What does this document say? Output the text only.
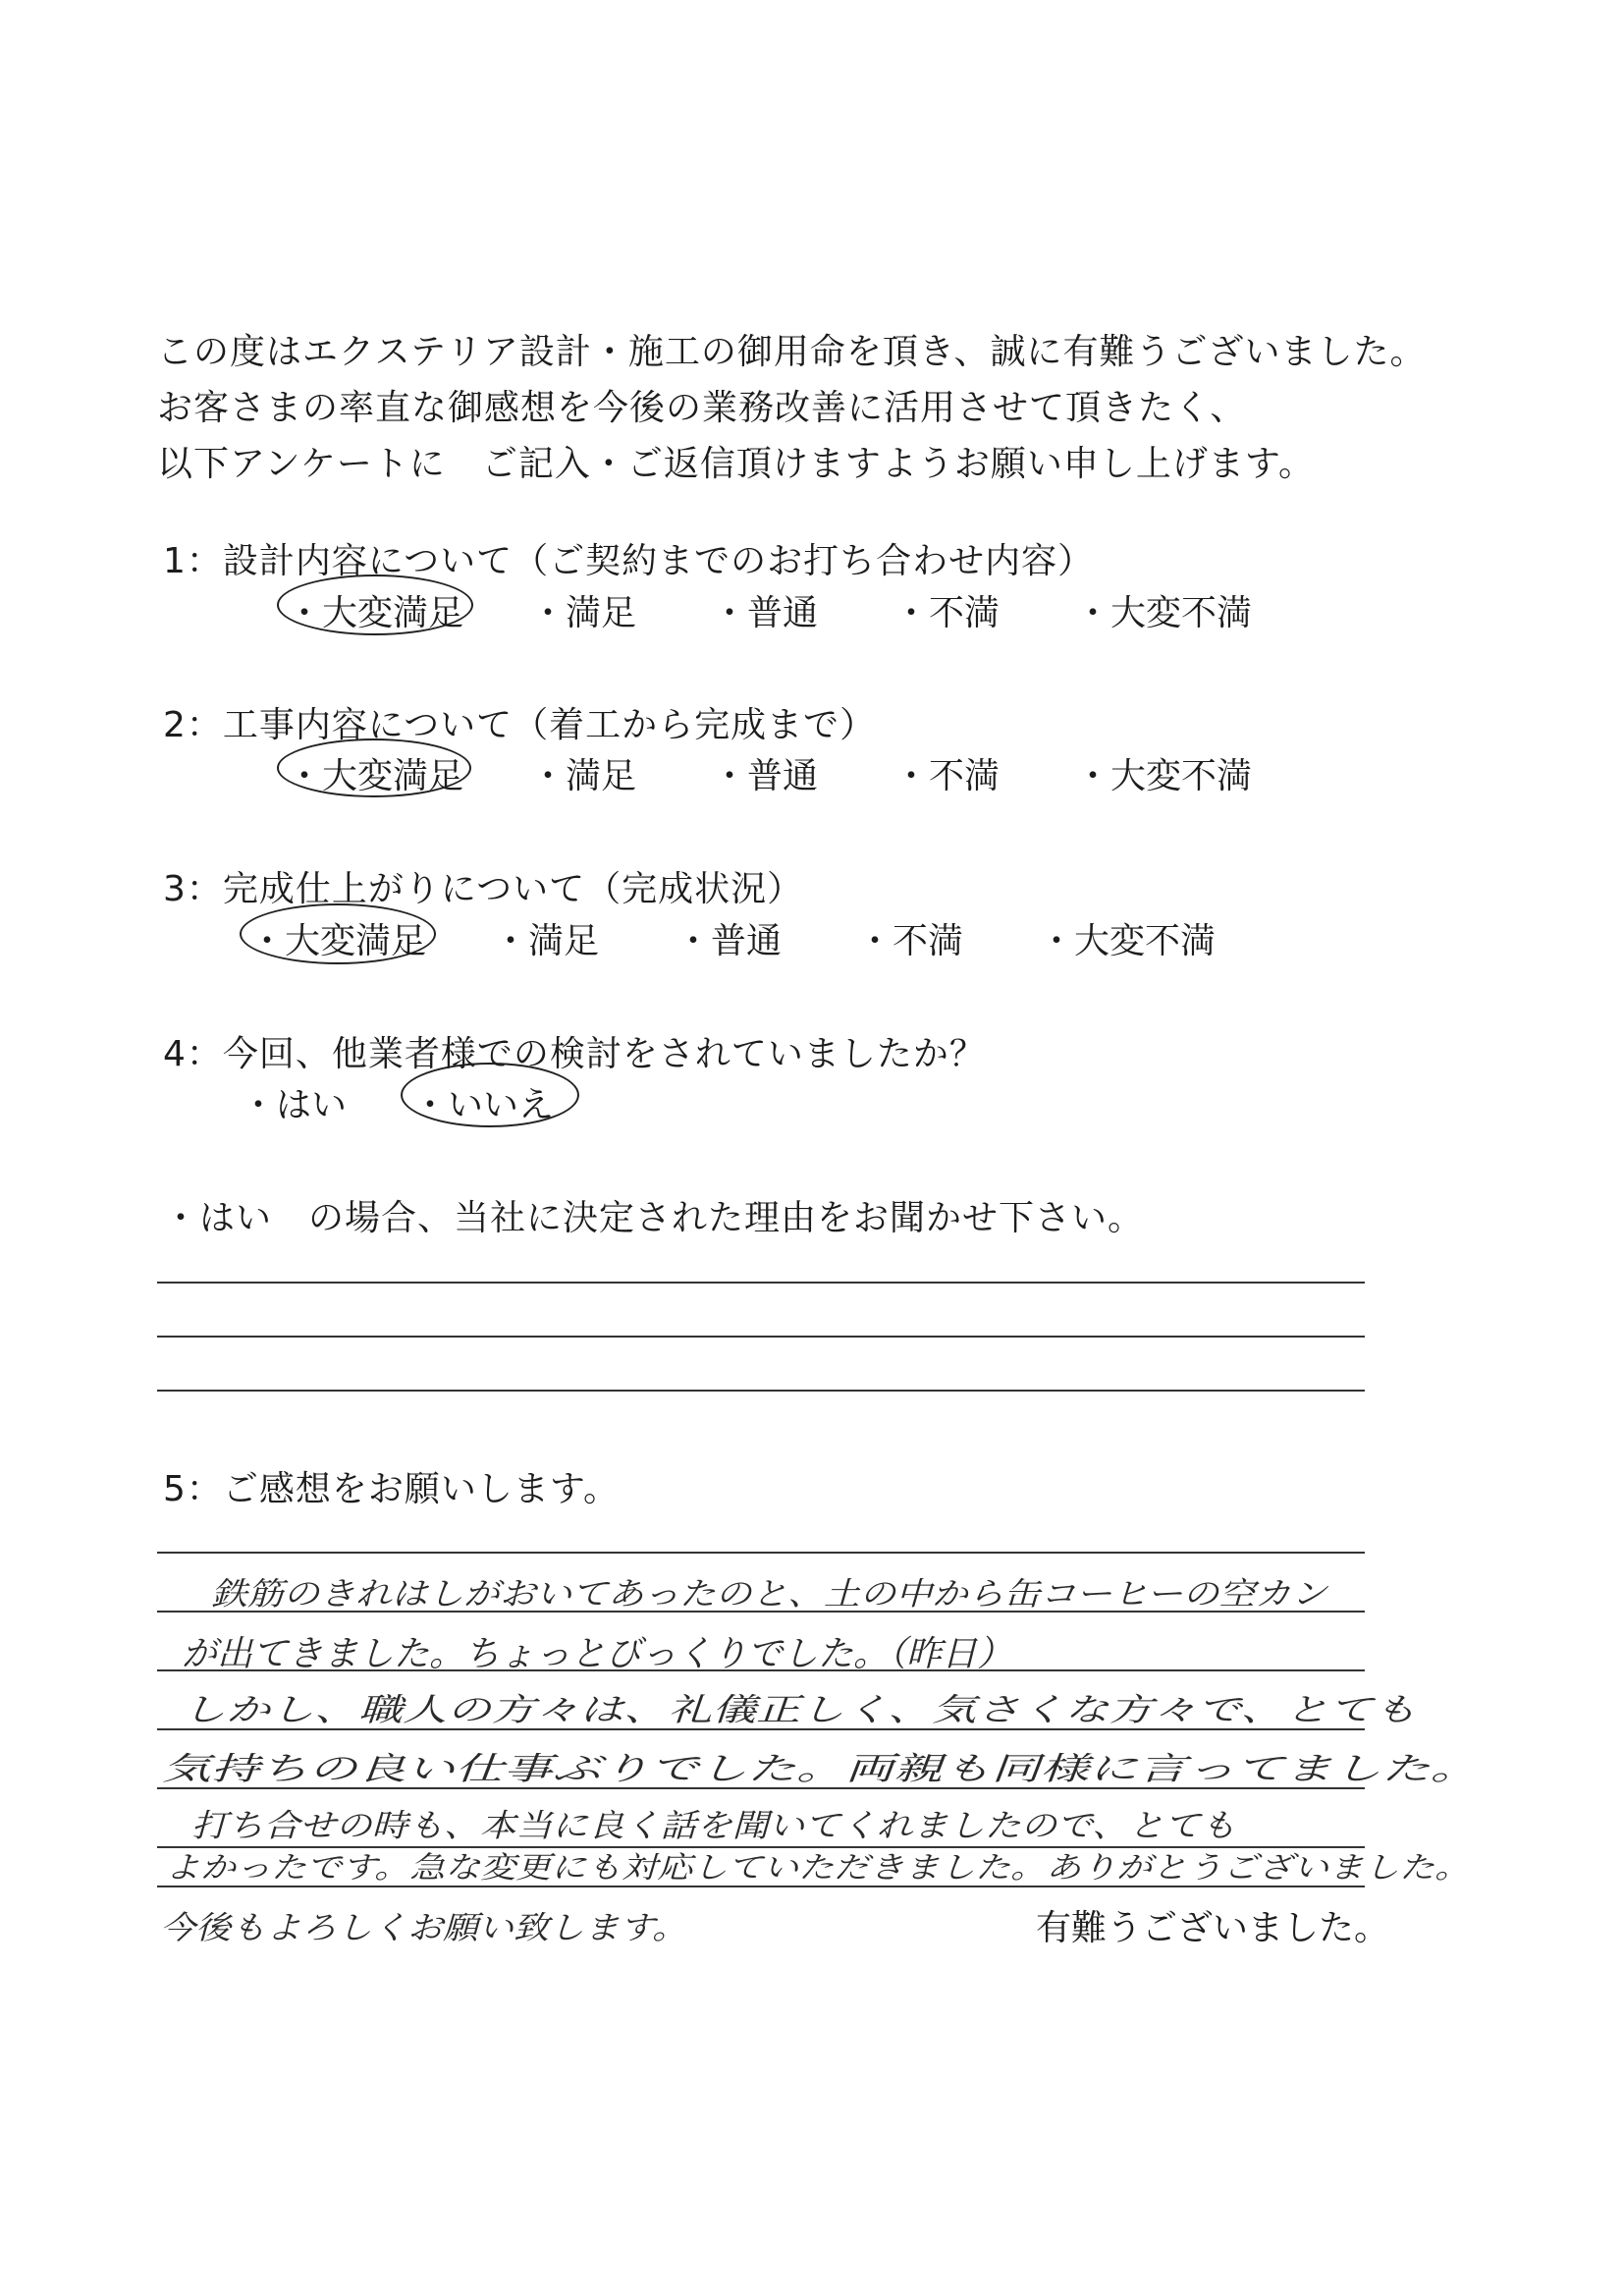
この度はエクステリア設計・施工の御用命を頂き、誠に有難うございました。
お客さまの率直な御感想を今後の業務改善に活用させて頂きたく、
以下アンケートに　ご記入・ご返信頂けますようお願い申し上げます。
1：設計内容について（ご契約までのお打ち合わせ内容）
・大変満足 ・満足 ・普通 ・不満 ・大変不満
2：工事内容について（着工から完成まで）
・大変満足 ・満足 ・普通 ・不満 ・大変不満
3：完成仕上がりについて（完成状況）
・大変満足 ・満足 ・普通 ・不満 ・大変不満
4：今回、他業者様での検討をされていましたか？
・はい ・いいえ
・はい　の場合、当社に決定された理由をお聞かせ下さい。
5：ご感想をお願いします。
鉄筋のきれはしがおいてあったのと、土の中から缶コーヒーの空カン
が出てきました。ちょっとびっくりでした。（昨日）
しかし、職人の方々は、礼儀正しく、気さくな方々で、とても
気持ちの良い仕事ぶりでした。両親も同様に言ってました。
打ち合せの時も、本当に良く話を聞いてくれましたので、とても
よかったです。急な変更にも対応していただきました。ありがとうございました。
今後もよろしくお願い致します。	有難うございました。
